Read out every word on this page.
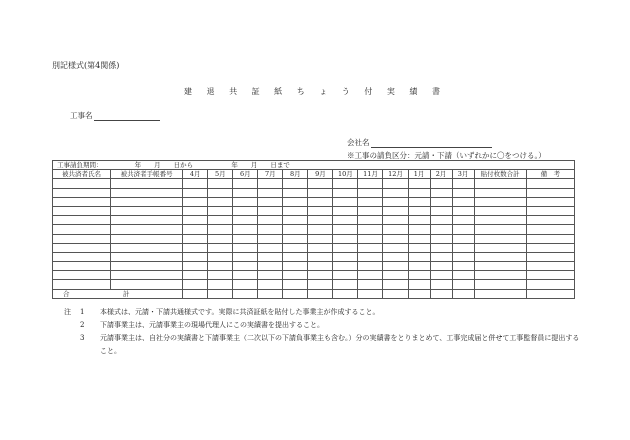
別記様式(第4関係)
建 退 共 証 紙 ち ょ う 付 実 績 書
工事名
会社名
※工事の請負区分：元請・下請（いずれかに〇をつける。）
工事請負期間： 年　　月　　日から 年　　月　　日まで															
被共済者氏名	被共済者手帳番号	4月	5月	6月	7月	8月	9月	10月	11月	12月	1月	2月	3月	貼付枚数合計	備　考

合 計															
注	1	本様式は、元請・下請共通様式です。実際に共済証紙を貼付した事業主が作成すること。
2	下請事業主は、元請事業主の現場代理人にこの実績書を提出すること。
3	元請事業主は、自社分の実績書と下請事業主（二次以下の下請負事業主も含む。）分の実績書をとりまとめて、工事完成届と併せて工事監督員に提出すること。
